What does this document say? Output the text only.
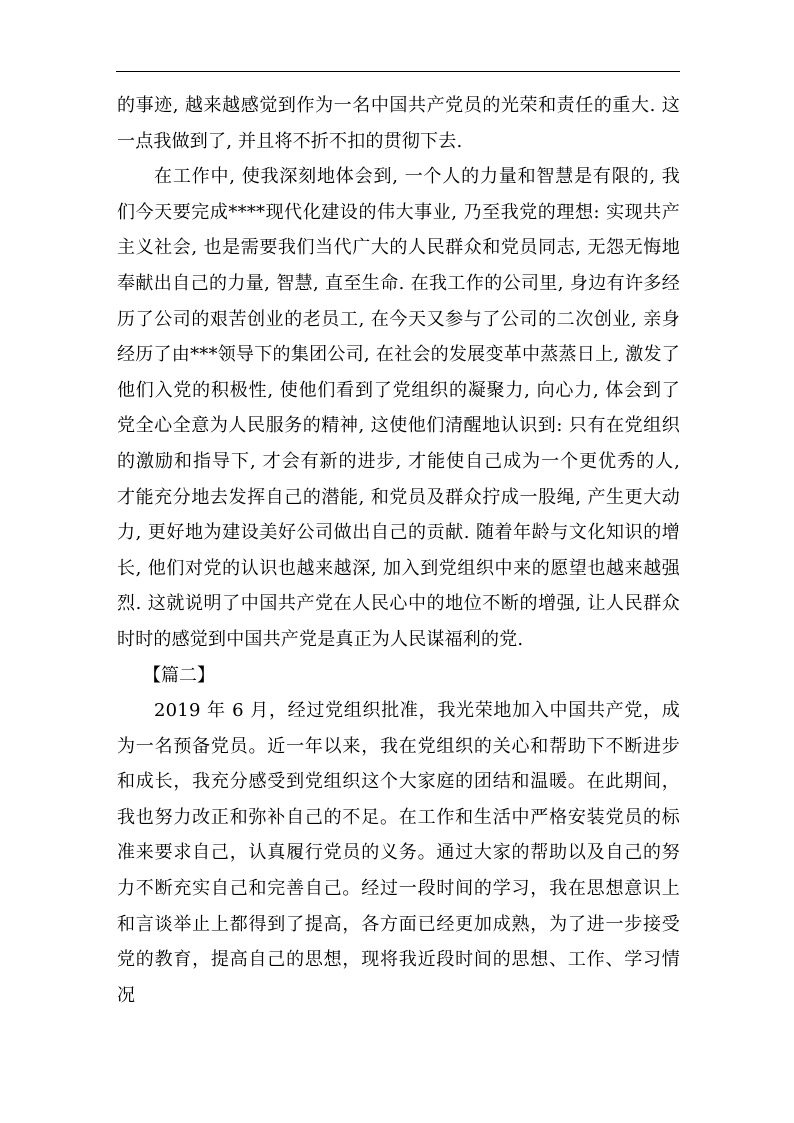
的事迹, 越来越感觉到作为一名中国共产党员的光荣和责任的重大. 这一点我做到了, 并且将不折不扣的贯彻下去.

在工作中, 使我深刻地体会到, 一个人的力量和智慧是有限的, 我们今天要完成****现代化建设的伟大事业, 乃至我党的理想: 实现共产主义社会, 也是需要我们当代广大的人民群众和党员同志, 无怨无悔地奉献出自己的力量, 智慧, 直至生命. 在我工作的公司里, 身边有许多经历了公司的艰苦创业的老员工, 在今天又参与了公司的二次创业, 亲身经历了由***领导下的集团公司, 在社会的发展变革中蒸蒸日上, 激发了他们入党的积极性, 使他们看到了党组织的凝聚力, 向心力, 体会到了党全心全意为人民服务的精神, 这使他们清醒地认识到: 只有在党组织的激励和指导下, 才会有新的进步, 才能使自己成为一个更优秀的人, 才能充分地去发挥自己的潜能, 和党员及群众拧成一股绳, 产生更大动力, 更好地为建设美好公司做出自己的贡献. 随着年龄与文化知识的增长, 他们对党的认识也越来越深, 加入到党组织中来的愿望也越来越强烈. 这就说明了中国共产党在人民心中的地位不断的增强, 让人民群众时时的感觉到中国共产党是真正为人民谋福利的党.

【篇二】

2019 年 6 月，经过党组织批准，我光荣地加入中国共产党，成为一名预备党员。近一年以来，我在党组织的关心和帮助下不断进步和成长，我充分感受到党组织这个大家庭的团结和温暖。在此期间，我也努力改正和弥补自己的不足。在工作和生活中严格安装党员的标准来要求自己，认真履行党员的义务。通过大家的帮助以及自己的努力不断充实自己和完善自己。经过一段时间的学习，我在思想意识上和言谈举止上都得到了提高，各方面已经更加成熟，为了进一步接受党的教育，提高自己的思想，现将我近段时间的思想、工作、学习情况
